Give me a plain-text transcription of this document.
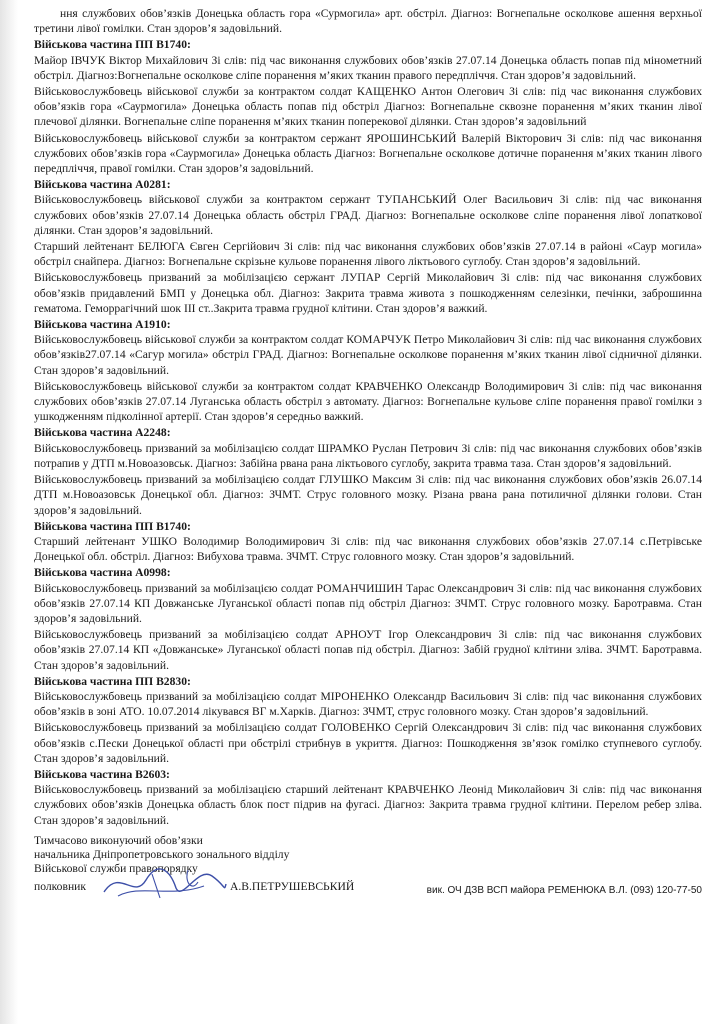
ння службових обов’язків Донецька область гора «Сурмогила» арт. обстріл. Діагноз: Вогнепальне осколкове ашення верхньої третини лівої гомілки. Стан здоров’я задовільний.

Військова частина ПП В1740:

Майор ІВЧУК Віктор Михайлович Зі слів: під час виконання службових обов’язків 27.07.14 Донецька область попав під мінометний обстріл. Діагноз:Вогнепальне осколкове сліпе поранення м’яких тканин правого передпліччя. Стан здоров’я задовільний.

Військовослужбовець військової служби за контрактом солдат КАЩЕНКО Антон Олегович Зі слів: під час виконання службових обов’язків гора «Саурмогила» Донецька область попав під обстріл Діагноз: Вогнепальне сквозне поранення м’яких тканин лівої плечової ділянки. Вогнепальне сліпе поранення м’яких тканин поперекової ділянки. Стан здоров’я задовільний

Військовослужбовець військової служби за контрактом сержант ЯРОШИНСЬКИЙ Валерій Вікторович Зі слів: під час виконання службових обов’язків гора «Саурмогила» Донецька область Діагноз: Вогнепальне осколкове дотичне поранення м’яких тканин лівого передпліччя, правої гомілки. Стан здоров’я задовільний.

Військова частина А0281:

Військовослужбовець військової служби за контрактом сержант ТУПАНСЬКИЙ Олег Васильович Зі слів: під час виконання службових обов’язків 27.07.14 Донецька область обстріл ГРАД. Діагноз: Вогнепальне осколкове сліпе поранення лівої лопаткової ділянки. Стан здоров’я задовільний.

Старший лейтенант БЕЛЮГА Євген Сергійович Зі слів: під час виконання службових обов’язків 27.07.14 в районі «Саур могила» обстріл снайпера. Діагноз: Вогнепальне скрізьне кульове поранення лівого ліктьового суглобу. Стан здоров’я задовільний.

Військовослужбовець призваний за мобілізацією сержант ЛУПАР Сергій Миколайович Зі слів: під час виконання службових обов’язків придавлений БМП у Донецька обл. Діагноз: Закрита травма живота з пошкодженням селезінки, печінки, заброшинна гематома. Геморрагічний шок ІІІ ст..Закрита травма грудної клітини. Стан здоров’я важкий.

Військова частина А1910:

Військовослужбовець військової служби за контрактом солдат КОМАРЧУК Петро Миколайович Зі слів: під час виконання службових обов’язків27.07.14 «Сагур могила» обстріл ГРАД. Діагноз: Вогнепальне осколкове поранення м’яких тканин лівої сідничної ділянки. Стан здоров’я задовільний.

Військовослужбовець військової служби за контрактом солдат КРАВЧЕНКО Олександр Володимирович Зі слів: під час виконання службових обов’язків 27.07.14 Луганська область обстріл з автомату. Діагноз: Вогнепальне кульове сліпе поранення правої гомілки з ушкодженням підколінної артерії. Стан здоров’я середньо важкий.

Військова частина А2248:

Військовослужбовець призваний за мобілізацією солдат ШРАМКО Руслан Петрович Зі слів: під час виконання службових обов’язків потрапив у ДТП м.Новоазовськ. Діагноз: Забійна рвана рана ліктьового суглобу, закрита травма таза. Стан здоров’я задовільний.

Військовослужбовець призваний за мобілізацією солдат ГЛУШКО Максим Зі слів: під час виконання службових обов’язків 26.07.14 ДТП м.Новоазовськ Донецької обл. Діагноз: ЗЧМТ. Струс головного мозку. Різана рвана рана потиличної ділянки голови. Стан здоров’я задовільний.

Військова частина ПП В1740:

Старший лейтенант УШКО Володимир Володимирович Зі слів: під час виконання службових обов’язків 27.07.14 с.Петрівське Донецької обл. обстріл. Діагноз: Вибухова травма. ЗЧМТ. Струс головного мозку. Стан здоров’я задовільний.

Військова частина А0998:

Військовослужбовець призваний за мобілізацією солдат РОМАНЧИШИН Тарас Олександрович Зі слів: під час виконання службових обов’язків 27.07.14 КП Довжанське Луганської області попав під обстріл Діагноз: ЗЧМТ. Струс головного мозку. Баротравма. Стан здоров’я задовільний.

Військовослужбовець призваний за мобілізацією солдат АРНОУТ Ігор Олександрович Зі слів: під час виконання службових обов’язків 27.07.14 КП «Довжанське» Луганської області попав під обстріл. Діагноз: Забій грудної клітини зліва. ЗЧМТ. Баротравма. Стан здоров’я задовільний.

Військова частина ПП В2830:

Військовослужбовець призваний за мобілізацією солдат МІРОНЕНКО Олександр Васильович Зі слів: під час виконання службових обов’язків в зоні АТО. 10.07.2014 лікувався ВГ м.Харків. Діагноз: ЗЧМТ, струс головного мозку. Стан здоров’я задовільний.

Військовослужбовець призваний за мобілізацією солдат ГОЛОВЕНКО Сергій Олександрович Зі слів: під час виконання службових обов’язків с.Пески Донецької області при обстрілі стрибнув в укриття. Діагноз: Пошкодження зв’язок гомілко ступневого суглобу. Стан здоров’я задовільний.

Військова частина В2603:

Військовослужбовець призваний за мобілізацією старший лейтенант КРАВЧЕНКО Леонід Миколайович Зі слів: під час виконання службових обов’язків Донецька область блок пост підрив на фугасі. Діагноз: Закрита травма грудної клітини. Перелом ребер зліва. Стан здоров’я задовільний.

Тимчасово виконуючий обов’язки
начальника Дніпропетровського зонального відділу
Військової служби правопорядку
полковник	А.В.ПЕТРУШЕВСЬКИЙ	вик. ОЧ ДЗВ ВСП майора РЕМЕНЮКА В.Л. (093) 120-77-50
